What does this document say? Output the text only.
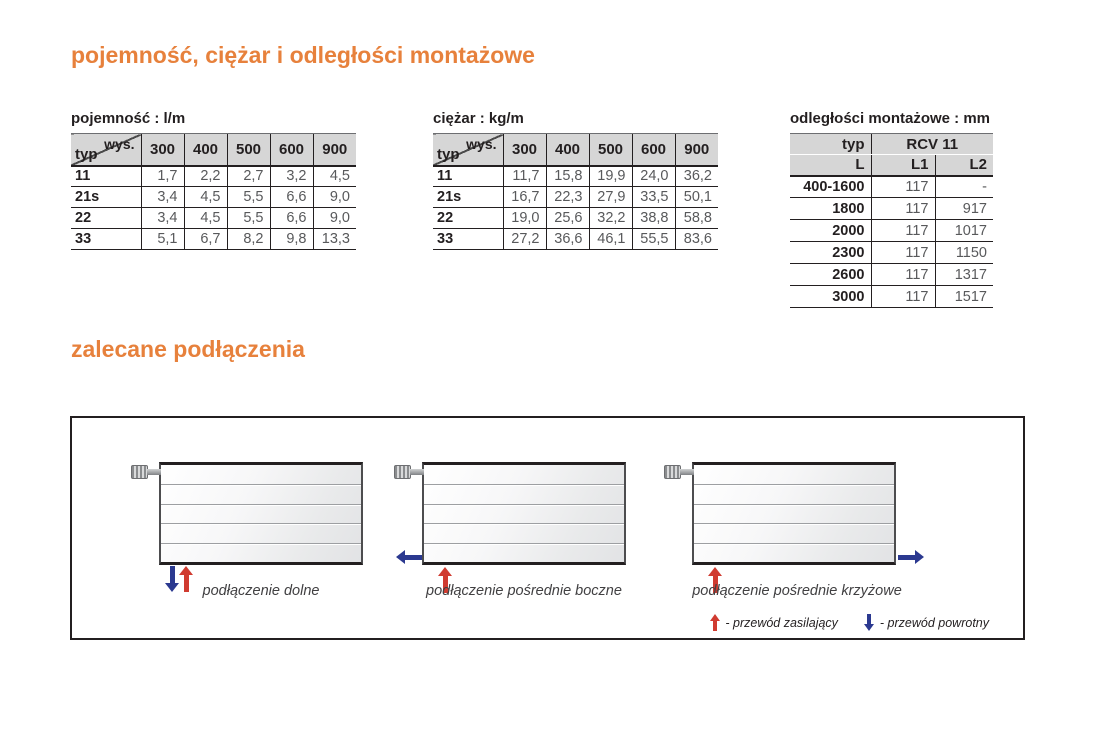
pojemność, ciężar i odległości montażowe
pojemność : l/m
wys.
typ	300	400	500	600	900
11	1,7	2,2	2,7	3,2	4,5
21s	3,4	4,5	5,5	6,6	9,0
22	3,4	4,5	5,5	6,6	9,0
33	5,1	6,7	8,2	9,8	13,3
ciężar : kg/m
wys.
typ	300	400	500	600	900
11	11,7	15,8	19,9	24,0	36,2
21s	16,7	22,3	27,9	33,5	50,1
22	19,0	25,6	32,2	38,8	58,8
33	27,2	36,6	46,1	55,5	83,6
odległości montażowe : mm
typ	RCV 11	
L	L1	L2
400-1600	117	-
1800	117	917
2000	117	1017
2300	117	1150
2600	117	1317
3000	117	1517
zalecane podłączenia
podłączenie dolne	podłączenie pośrednie boczne	podłączenie pośrednie krzyżowe
- przewód zasilający	- przewód powrotny
